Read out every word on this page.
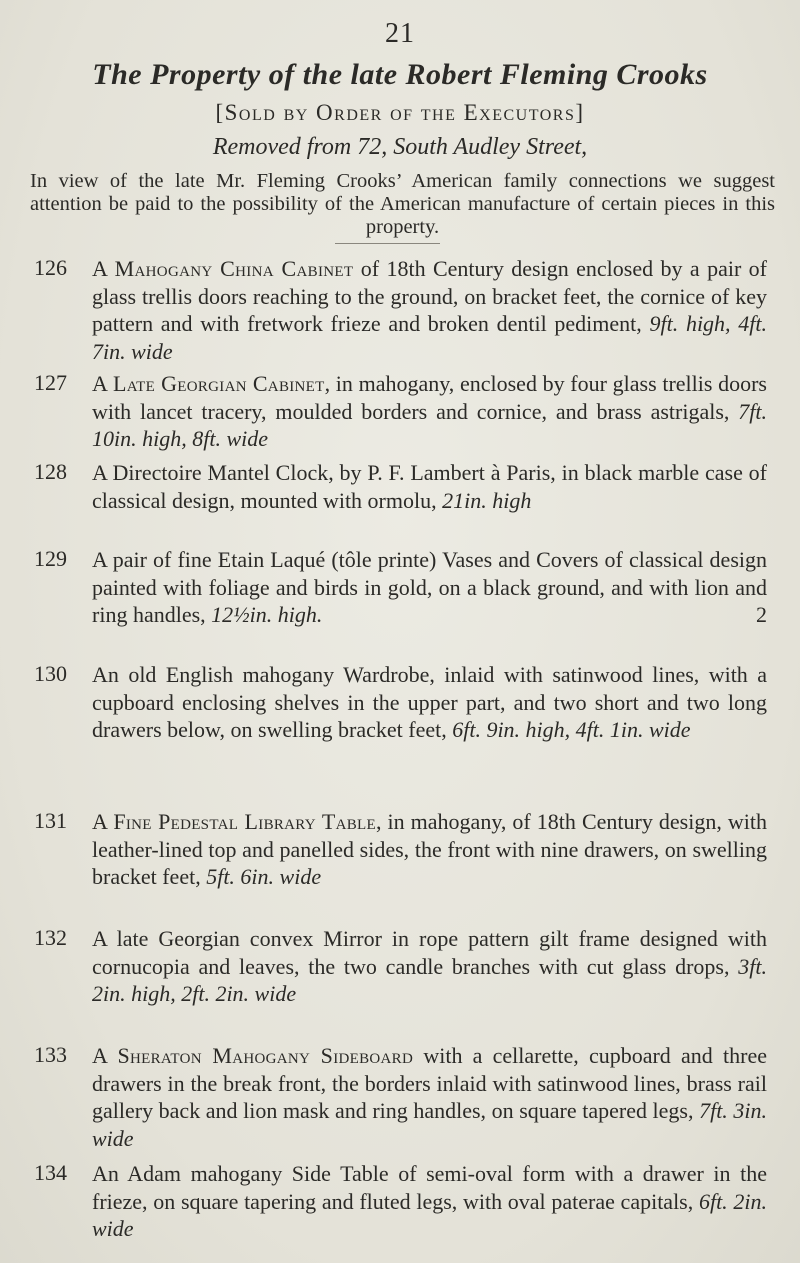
21
The Property of the late Robert Fleming Crooks
[Sold by Order of the Executors]
Removed from 72, South Audley Street,
In view of the late Mr. Fleming Crooks’ American family connections we suggest attention be paid to the possibility of the American manufacture of certain pieces in this property.
126 A Mahogany China Cabinet of 18th Century design enclosed by a pair of glass trellis doors reaching to the ground, on bracket feet, the cornice of key pattern and with fretwork frieze and broken dentil pediment, 9ft. high, 4ft. 7in. wide
127 A Late Georgian Cabinet, in mahogany, enclosed by four glass trellis doors with lancet tracery, moulded borders and cornice, and brass astrigals, 7ft. 10in. high, 8ft. wide
128 A Directoire Mantel Clock, by P. F. Lambert à Paris, in black marble case of classical design, mounted with ormolu, 21in. high
129 A pair of fine Etain Laqué (tôle printe) Vases and Covers of classical design painted with foliage and birds in gold, on a black ground, and with lion and ring handles, 12½in. high.	2
130 An old English mahogany Wardrobe, inlaid with satinwood lines, with a cupboard enclosing shelves in the upper part, and two short and two long drawers below, on swelling bracket feet, 6ft. 9in. high, 4ft. 1in. wide
131 A Fine Pedestal Library Table, in mahogany, of 18th Century design, with leather-lined top and panelled sides, the front with nine drawers, on swelling bracket feet, 5ft. 6in. wide
132 A late Georgian convex Mirror in rope pattern gilt frame designed with cornucopia and leaves, the two candle branches with cut glass drops, 3ft. 2in. high, 2ft. 2in. wide
133 A Sheraton Mahogany Sideboard with a cellarette, cupboard and three drawers in the break front, the borders inlaid with satinwood lines, brass rail gallery back and lion mask and ring handles, on square tapered legs, 7ft. 3in. wide
134 An Adam mahogany Side Table of semi-oval form with a drawer in the frieze, on square tapering and fluted legs, with oval paterae capitals, 6ft. 2in. wide
